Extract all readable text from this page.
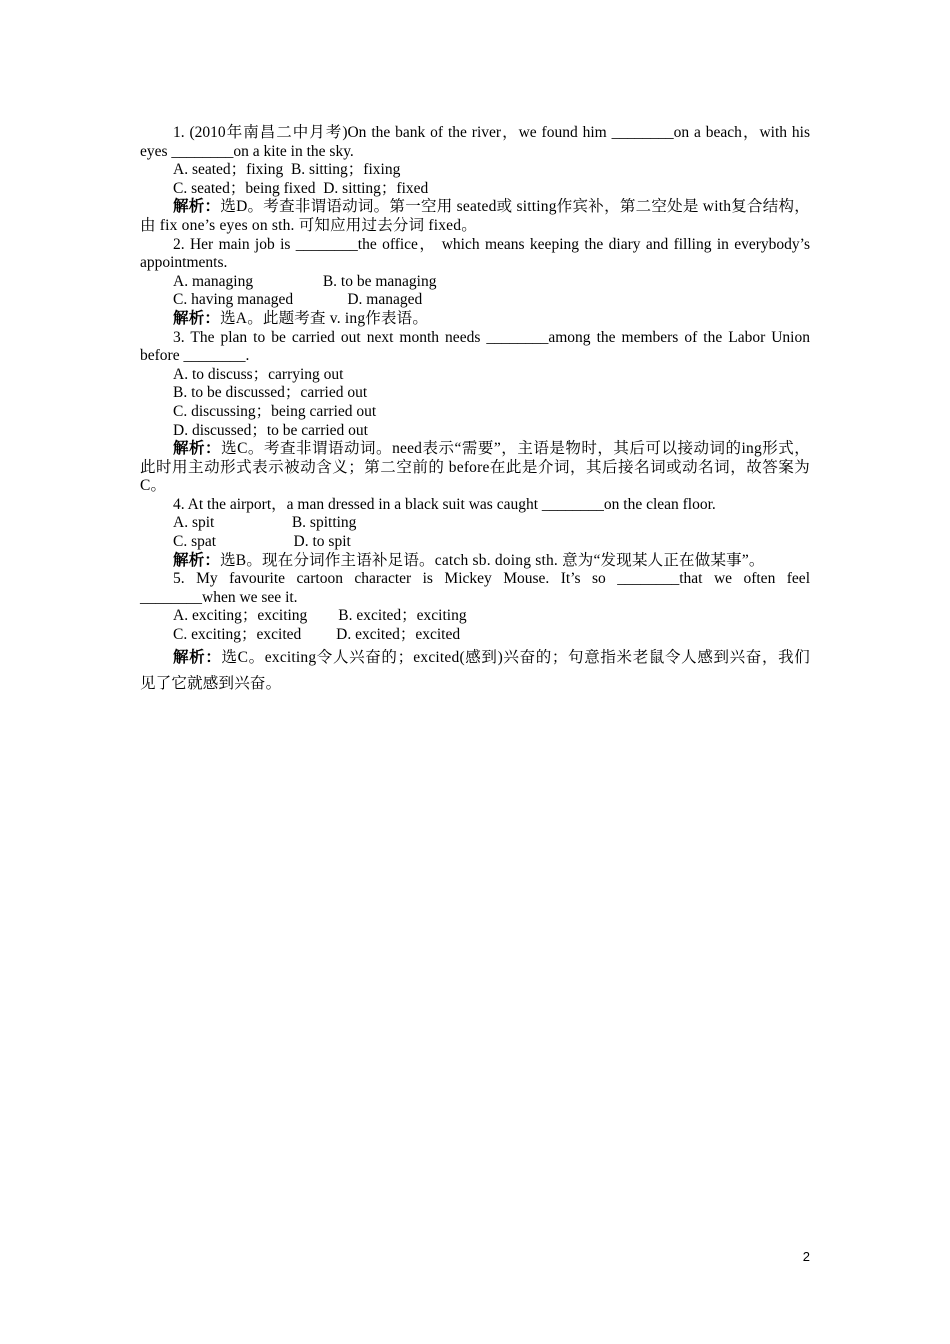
1. (2010年南昌二中月考)On the bank of the river，we found him ________on a beach，with his eyes ________on a kite in the sky.

A. seated；fixing  B. sitting；fixing

C. seated；being fixed  D. sitting；fixed

解析：选D。考查非谓语动词。第一空用 seated或 sitting作宾补，第二空处是 with复合结构，由 fix one’s eyes on sth. 可知应用过去分词 fixed。

2. Her main job is ________the office， which means keeping the diary and filling in everybody’s appointments.

A. managing                  B. to be managing

C. having managed              D. managed

解析：选A。此题考查 v. ing作表语。

3. The plan to be carried out next month needs ________among the members of the Labor Union before ________.

A. to discuss；carrying out

B. to be discussed；carried out

C. discussing；being carried out

D. discussed；to be carried out

解析：选C。考查非谓语动词。need表示“需要”，主语是物时，其后可以接动词的ing形式，此时用主动形式表示被动含义；第二空前的 before在此是介词，其后接名词或动名词，故答案为 C。

4. At the airport，a man dressed in a black suit was caught ________on the clean floor.

A. spit                    B. spitting

C. spat                    D. to spit

解析：选B。现在分词作主语补足语。catch sb. doing sth. 意为“发现某人正在做某事”。

5. My favourite cartoon character is Mickey Mouse. It’s so ________that we often feel ________when we see it.

A. exciting；exciting        B. excited；exciting

C. exciting；excited         D. excited；excited

解析：选C。exciting令人兴奋的；excited(感到)兴奋的；句意指米老鼠令人感到兴奋，我们见了它就感到兴奋。

2
